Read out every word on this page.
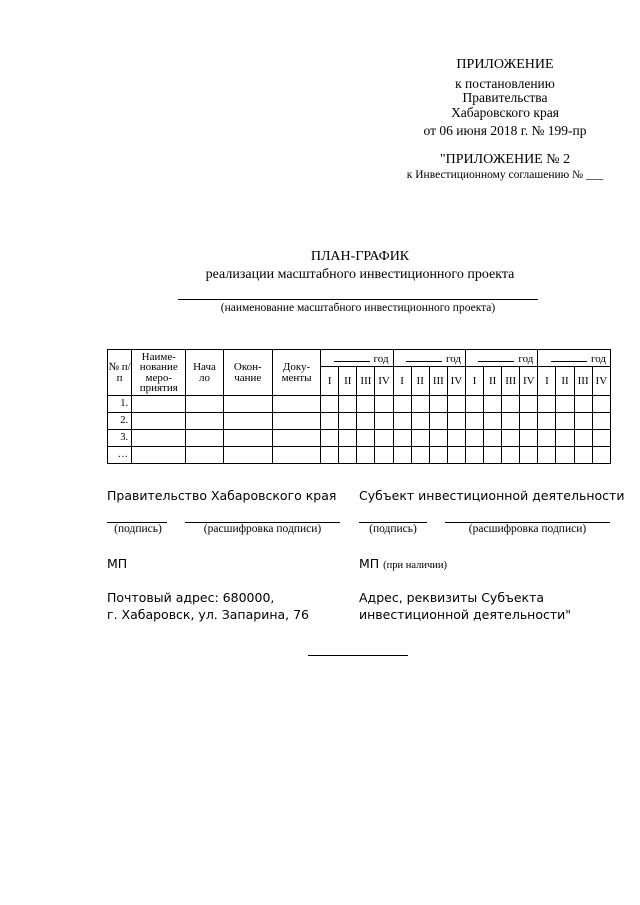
ПРИЛОЖЕНИЕ
к постановлению
Правительства
Хабаровского края
от 06 июня 2018 г. № 199-пр
"ПРИЛОЖЕНИЕ № 2
к Инвестиционному соглашению № ___
ПЛАН-ГРАФИК
реализации масштабного инвестиционного проекта
(наименование масштабного инвестиционного проекта)
№ п/п	Наиме-нование меро-приятия	Нача ло	Окон-чание	Доку-менты	год				год				год				год			
					I	II	III	IV	I	II	III	IV	I	II	III	IV	I	II	III	IV
1.																				
2.																				
3.																				
…																				
Правительство Хабаровского края Субъект инвестиционной деятельности
(подпись)	(расшифровка подписи)	(подпись)	(расшифровка подписи)
МП	МП (при наличии)
Почтовый адрес: 680000,
г. Хабаровск, ул. Запарина, 76
Адрес, реквизиты Субъекта
инвестиционной деятельности"
